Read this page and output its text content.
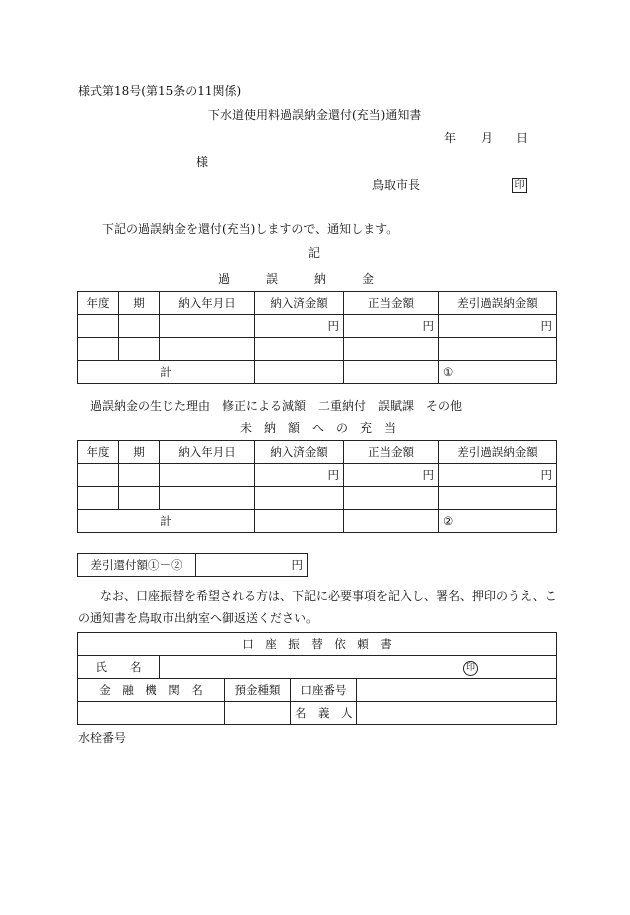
様式第18号(第15条の11関係)
下水道使用料過誤納金還付(充当)通知書
年 月 日
様
鳥取市長	印
下記の過誤納金を還付(充当)しますので、通知します。
記
過　　　誤　　　納　　　金
年度	期	納入年月日	納入済金額	正当金額	差引過誤納金額
			円	円	円

計					①
過誤納金の生じた理由　修正による減額　二重納付　誤賦課　その他
未　納　額　へ　の　充　当
年度	期	納入年月日	納入済金額	正当金額	差引過誤納金額
			円	円	円

計					②
差引還付額①－②	円
なお、口座振替を希望される方は、下記に必要事項を記入し、署名、押印のうえ、こ
の通知書を鳥取市出納室へ御返送ください。
口　座　振　替　依　頼　書				
氏　　名	印			
金　融　機　関　名		預金種類	口座番号	
			名　義　人	
水栓番号
